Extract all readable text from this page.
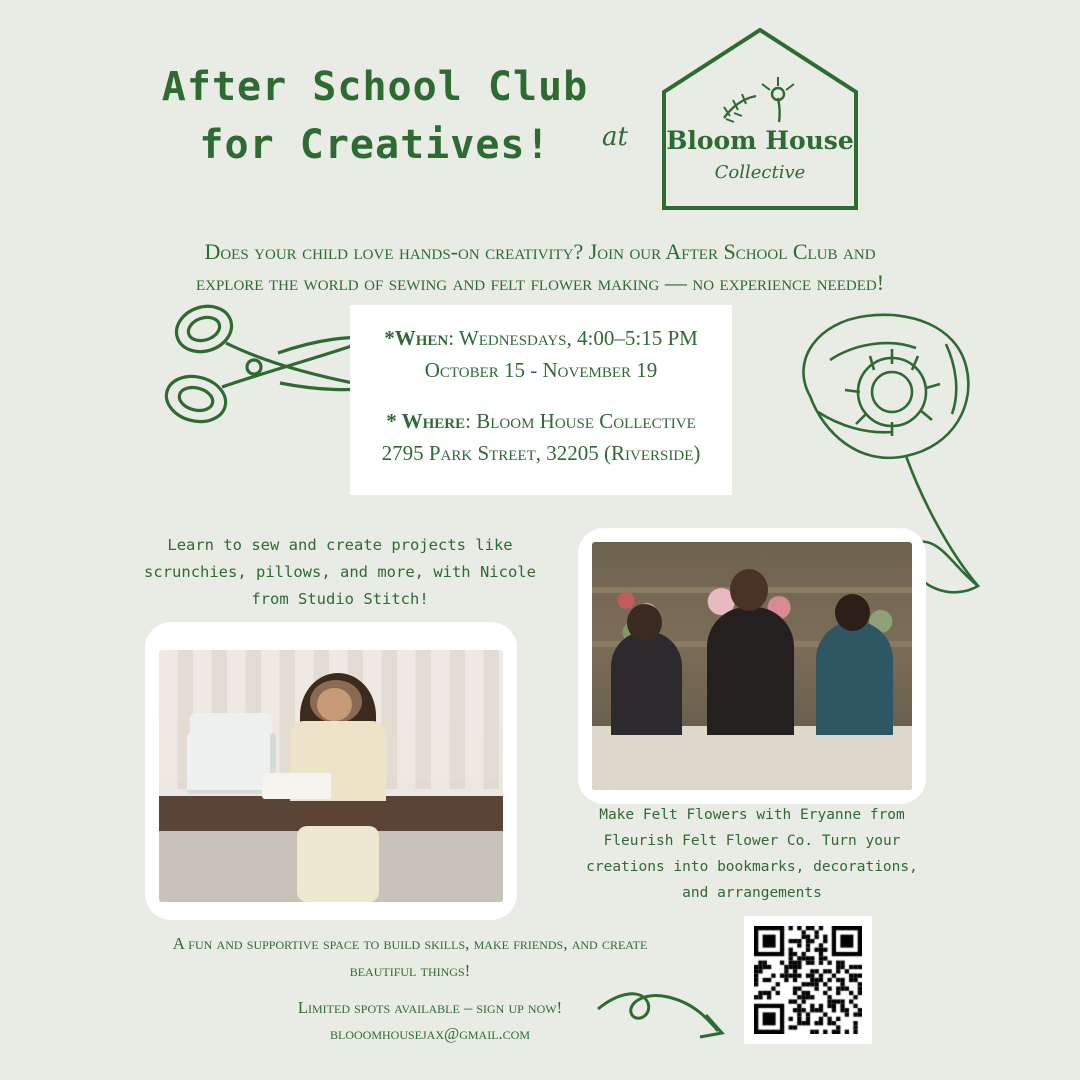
After School Club
for Creatives!	at Bloom House
Collective
Does your child love hands-on creativity? Join our After School Club and
explore the world of sewing and felt flower making — no experience needed!
*When: Wednesdays, 4:00–5:15 PM
October 15 - November 19
* Where: Bloom House Collective
2795 Park Street, 32205 (Riverside)
Learn to sew and create projects like
scrunchies, pillows, and more, with Nicole
from Studio Stitch!
Make Felt Flowers with Eryanne from
Fleurish Felt Flower Co. Turn your
creations into bookmarks, decorations,
and arrangements
A fun and supportive space to build skills, make friends, and create
beautiful things!
Limited spots available – sign up now!
blooomhousejax@gmail.com
